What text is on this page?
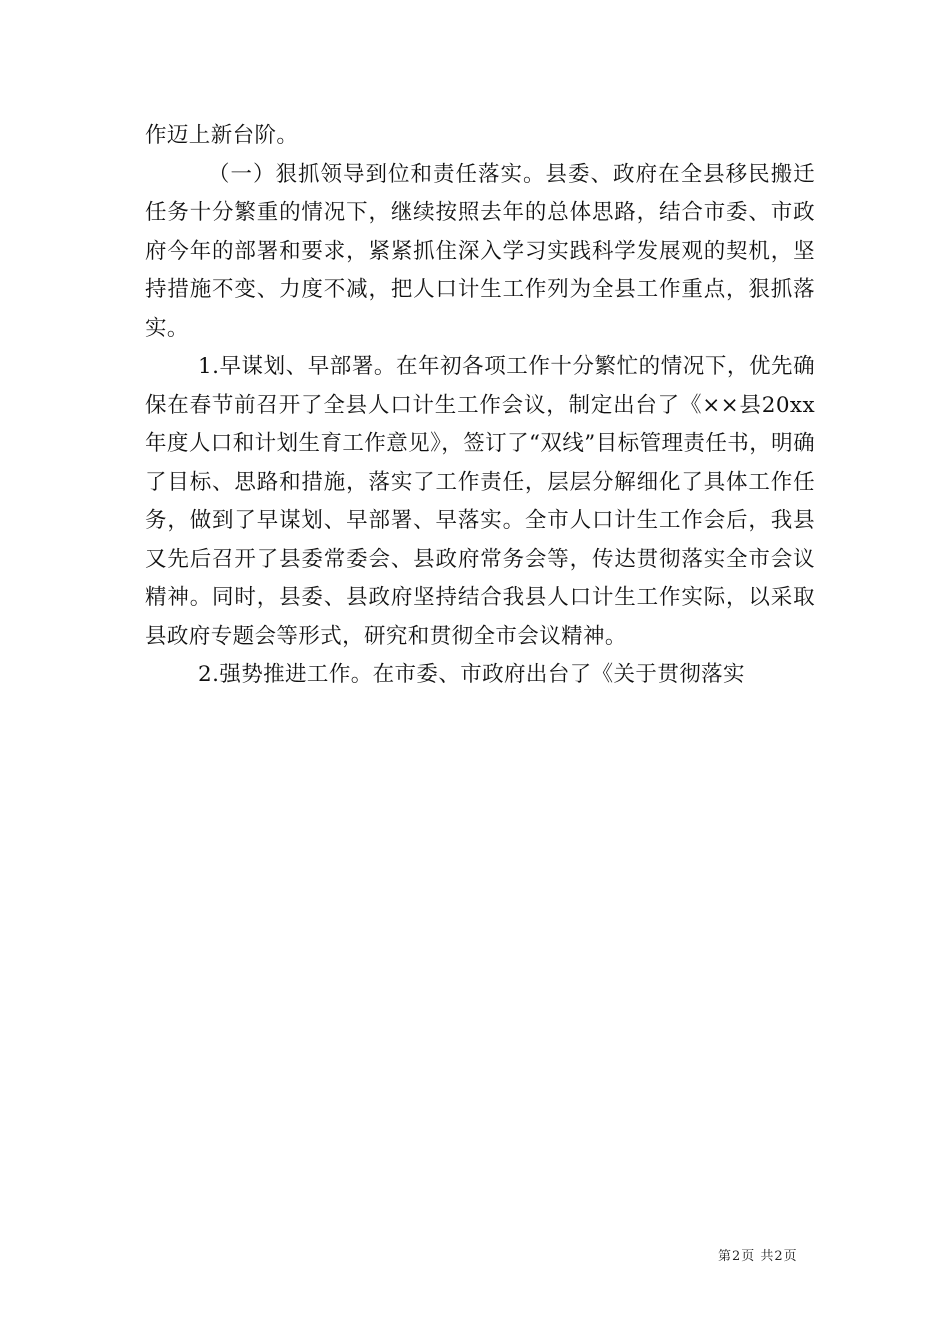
作迈上新台阶。

（一）狠抓领导到位和责任落实。县委、政府在全县移民搬迁任务十分繁重的情况下，继续按照去年的总体思路，结合市委、市政府今年的部署和要求，紧紧抓住深入学习实践科学发展观的契机，坚持措施不变、力度不减，把人口计生工作列为全县工作重点，狠抓落实。

1.早谋划、早部署。在年初各项工作十分繁忙的情况下，优先确保在春节前召开了全县人口计生工作会议，制定出台了《××县20xx年度人口和计划生育工作意见》，签订了“双线”目标管理责任书，明确了目标、思路和措施，落实了工作责任，层层分解细化了具体工作任务，做到了早谋划、早部署、早落实。全市人口计生工作会后，我县又先后召开了县委常委会、县政府常务会等，传达贯彻落实全市会议精神。同时，县委、县政府坚持结合我县人口计生工作实际，以采取县政府专题会等形式，研究和贯彻全市会议精神。

2.强势推进工作。在市委、市政府出台了《关于贯彻落实

第2页 共2页
